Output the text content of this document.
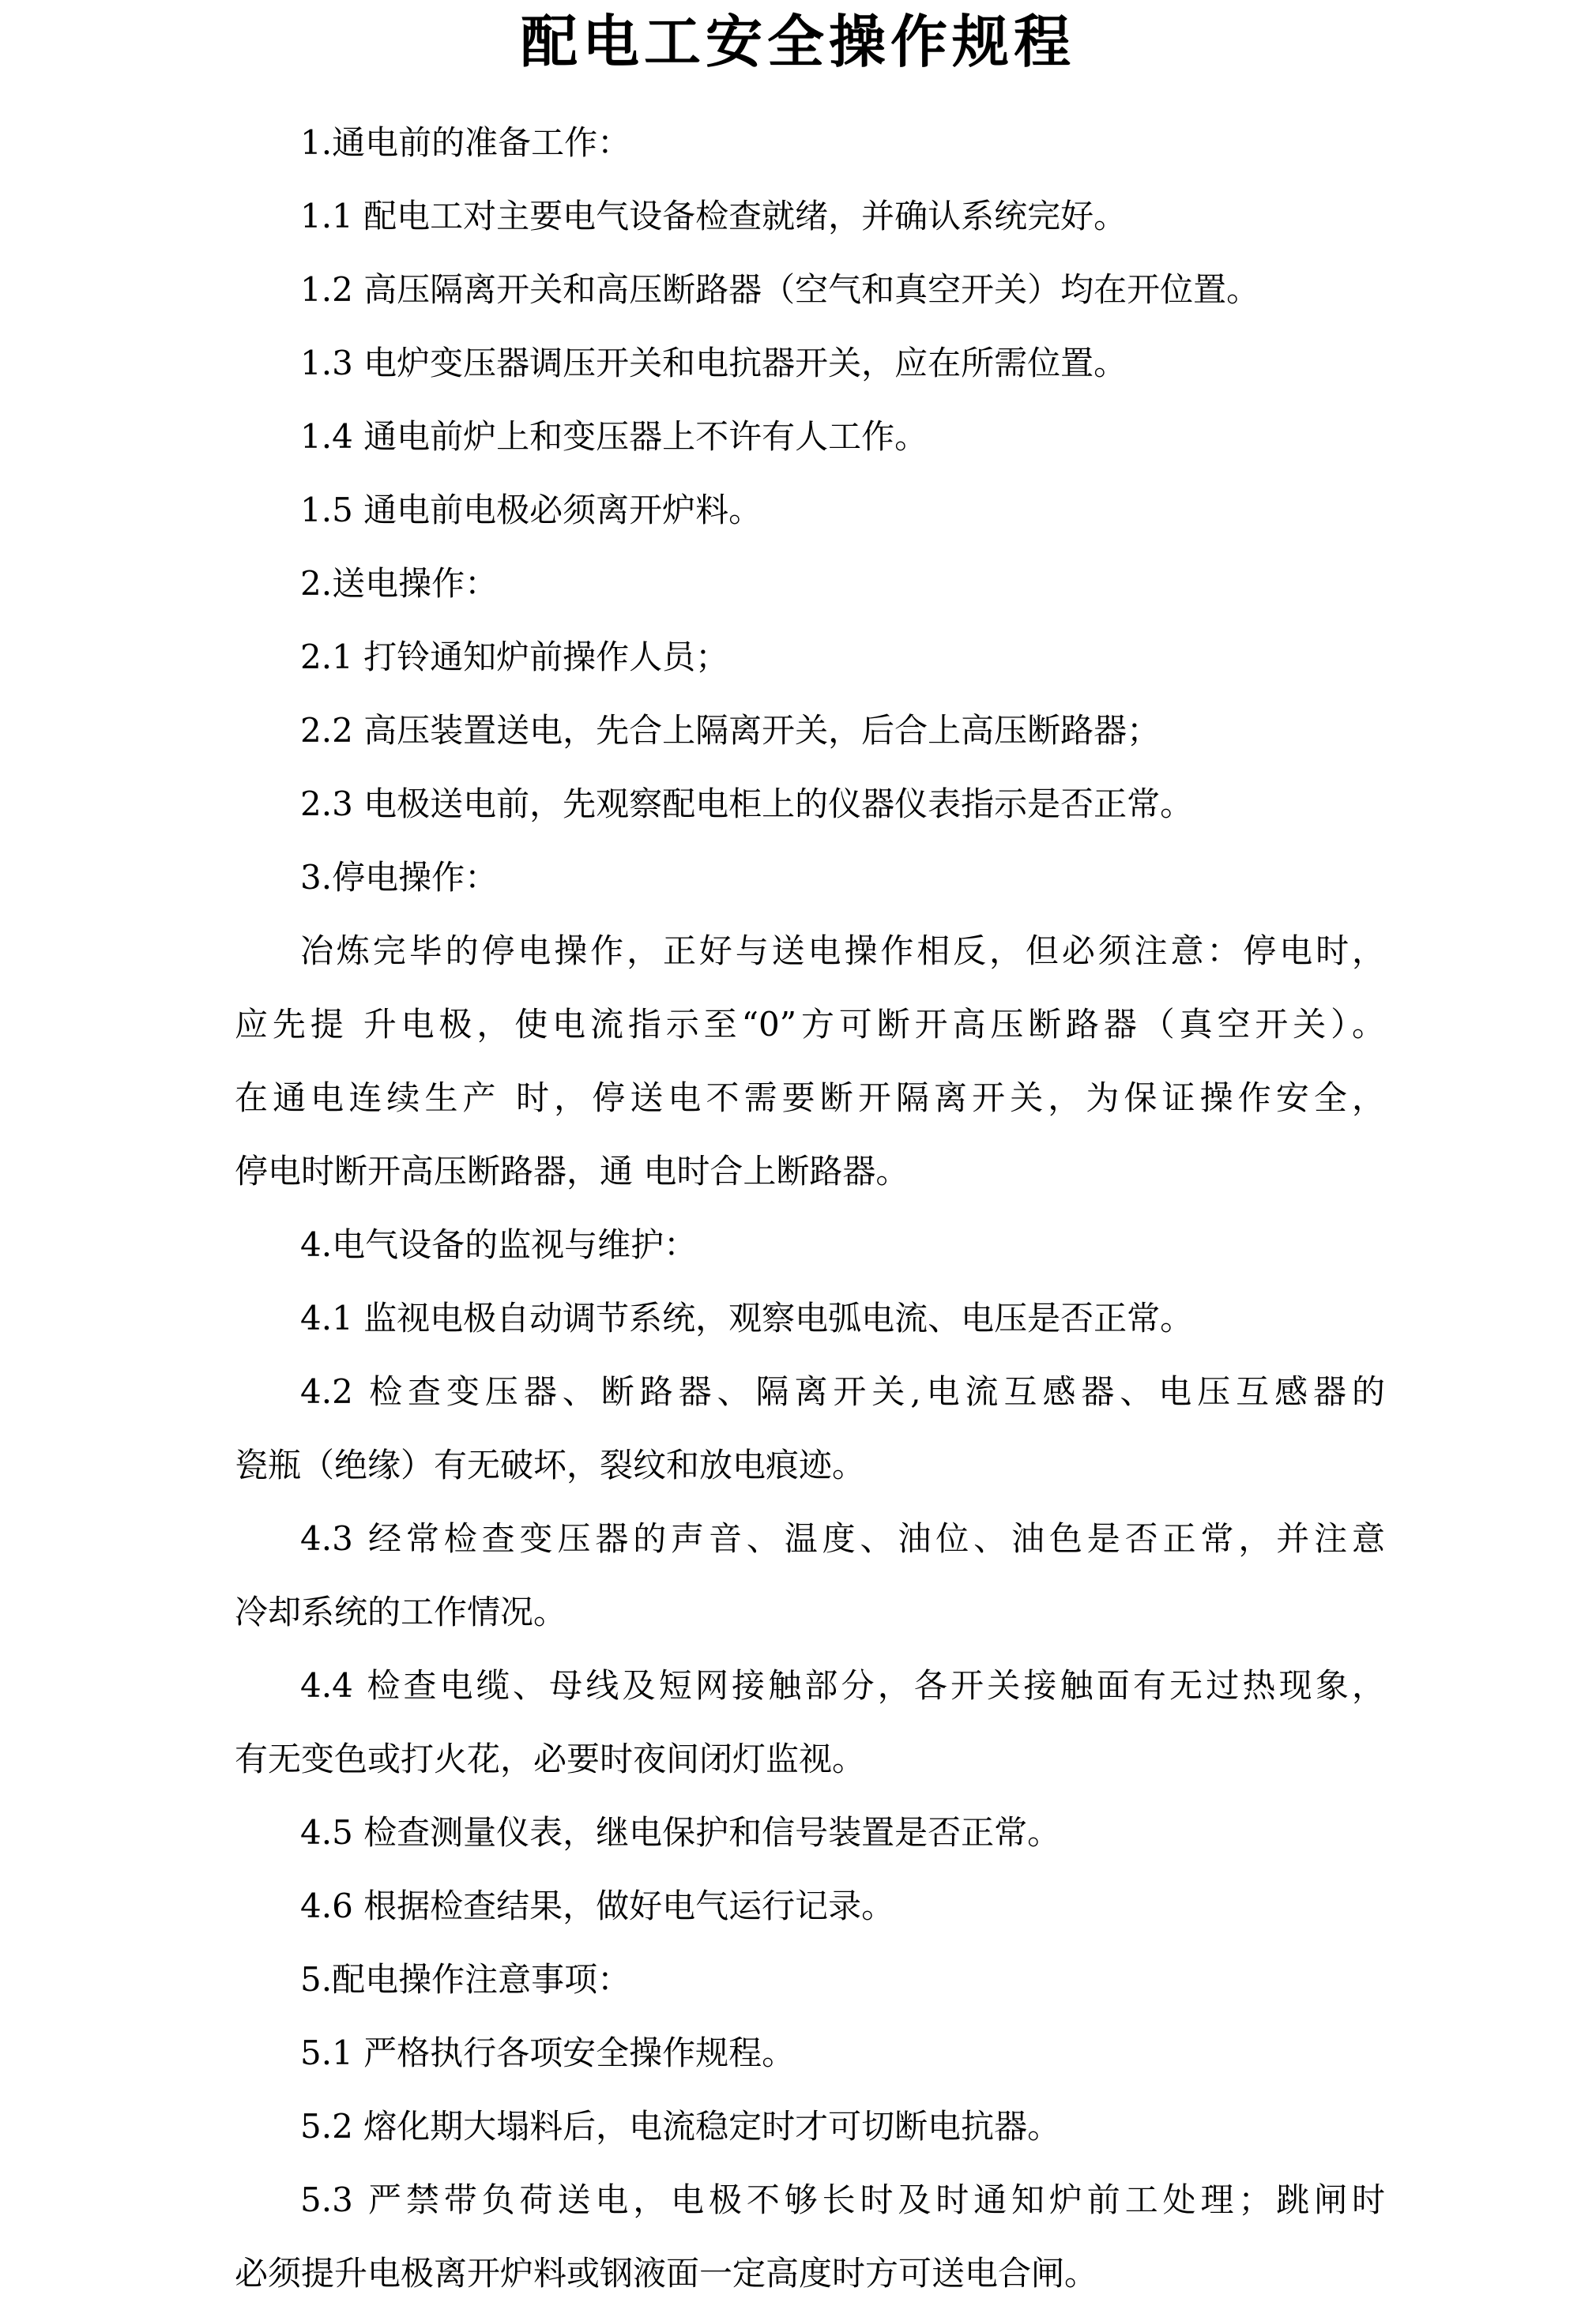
配电工安全操作规程
1.通电前的准备工作：
1.1 配电工对主要电气设备检查就绪，并确认系统完好。
1.2 高压隔离开关和高压断路器（空气和真空开关）均在开位置。
1.3 电炉变压器调压开关和电抗器开关，应在所需位置。
1.4 通电前炉上和变压器上不许有人工作。
1.5 通电前电极必须离开炉料。
2.送电操作：
2.1 打铃通知炉前操作人员；
2.2 高压装置送电，先合上隔离开关，后合上高压断路器；
2.3 电极送电前，先观察配电柜上的仪器仪表指示是否正常。
3.停电操作：
冶炼完毕的停电操作，正好与送电操作相反，但必须注意：停电时，
应先提 升电极，使电流指示至“0”方可断开高压断路器（真空开关）。
在通电连续生产 时，停送电不需要断开隔离开关，为保证操作安全，
停电时断开高压断路器，通 电时合上断路器。
4.电气设备的监视与维护：
4.1 监视电极自动调节系统，观察电弧电流、电压是否正常。
4.2 检查变压器、断路器、隔离开关,电流互感器、电压互感器的
瓷瓶（绝缘）有无破坏，裂纹和放电痕迹。
4.3 经常检查变压器的声音、温度、油位、油色是否正常，并注意
冷却系统的工作情况。
4.4 检查电缆、母线及短网接触部分，各开关接触面有无过热现象，
有无变色或打火花，必要时夜间闭灯监视。
4.5 检查测量仪表，继电保护和信号装置是否正常。
4.6 根据检查结果，做好电气运行记录。
5.配电操作注意事项：
5.1 严格执行各项安全操作规程。
5.2 熔化期大塌料后，电流稳定时才可切断电抗器。
5.3 严禁带负荷送电，电极不够长时及时通知炉前工处理；跳闸时
必须提升电极离开炉料或钢液面一定高度时方可送电合闸。
